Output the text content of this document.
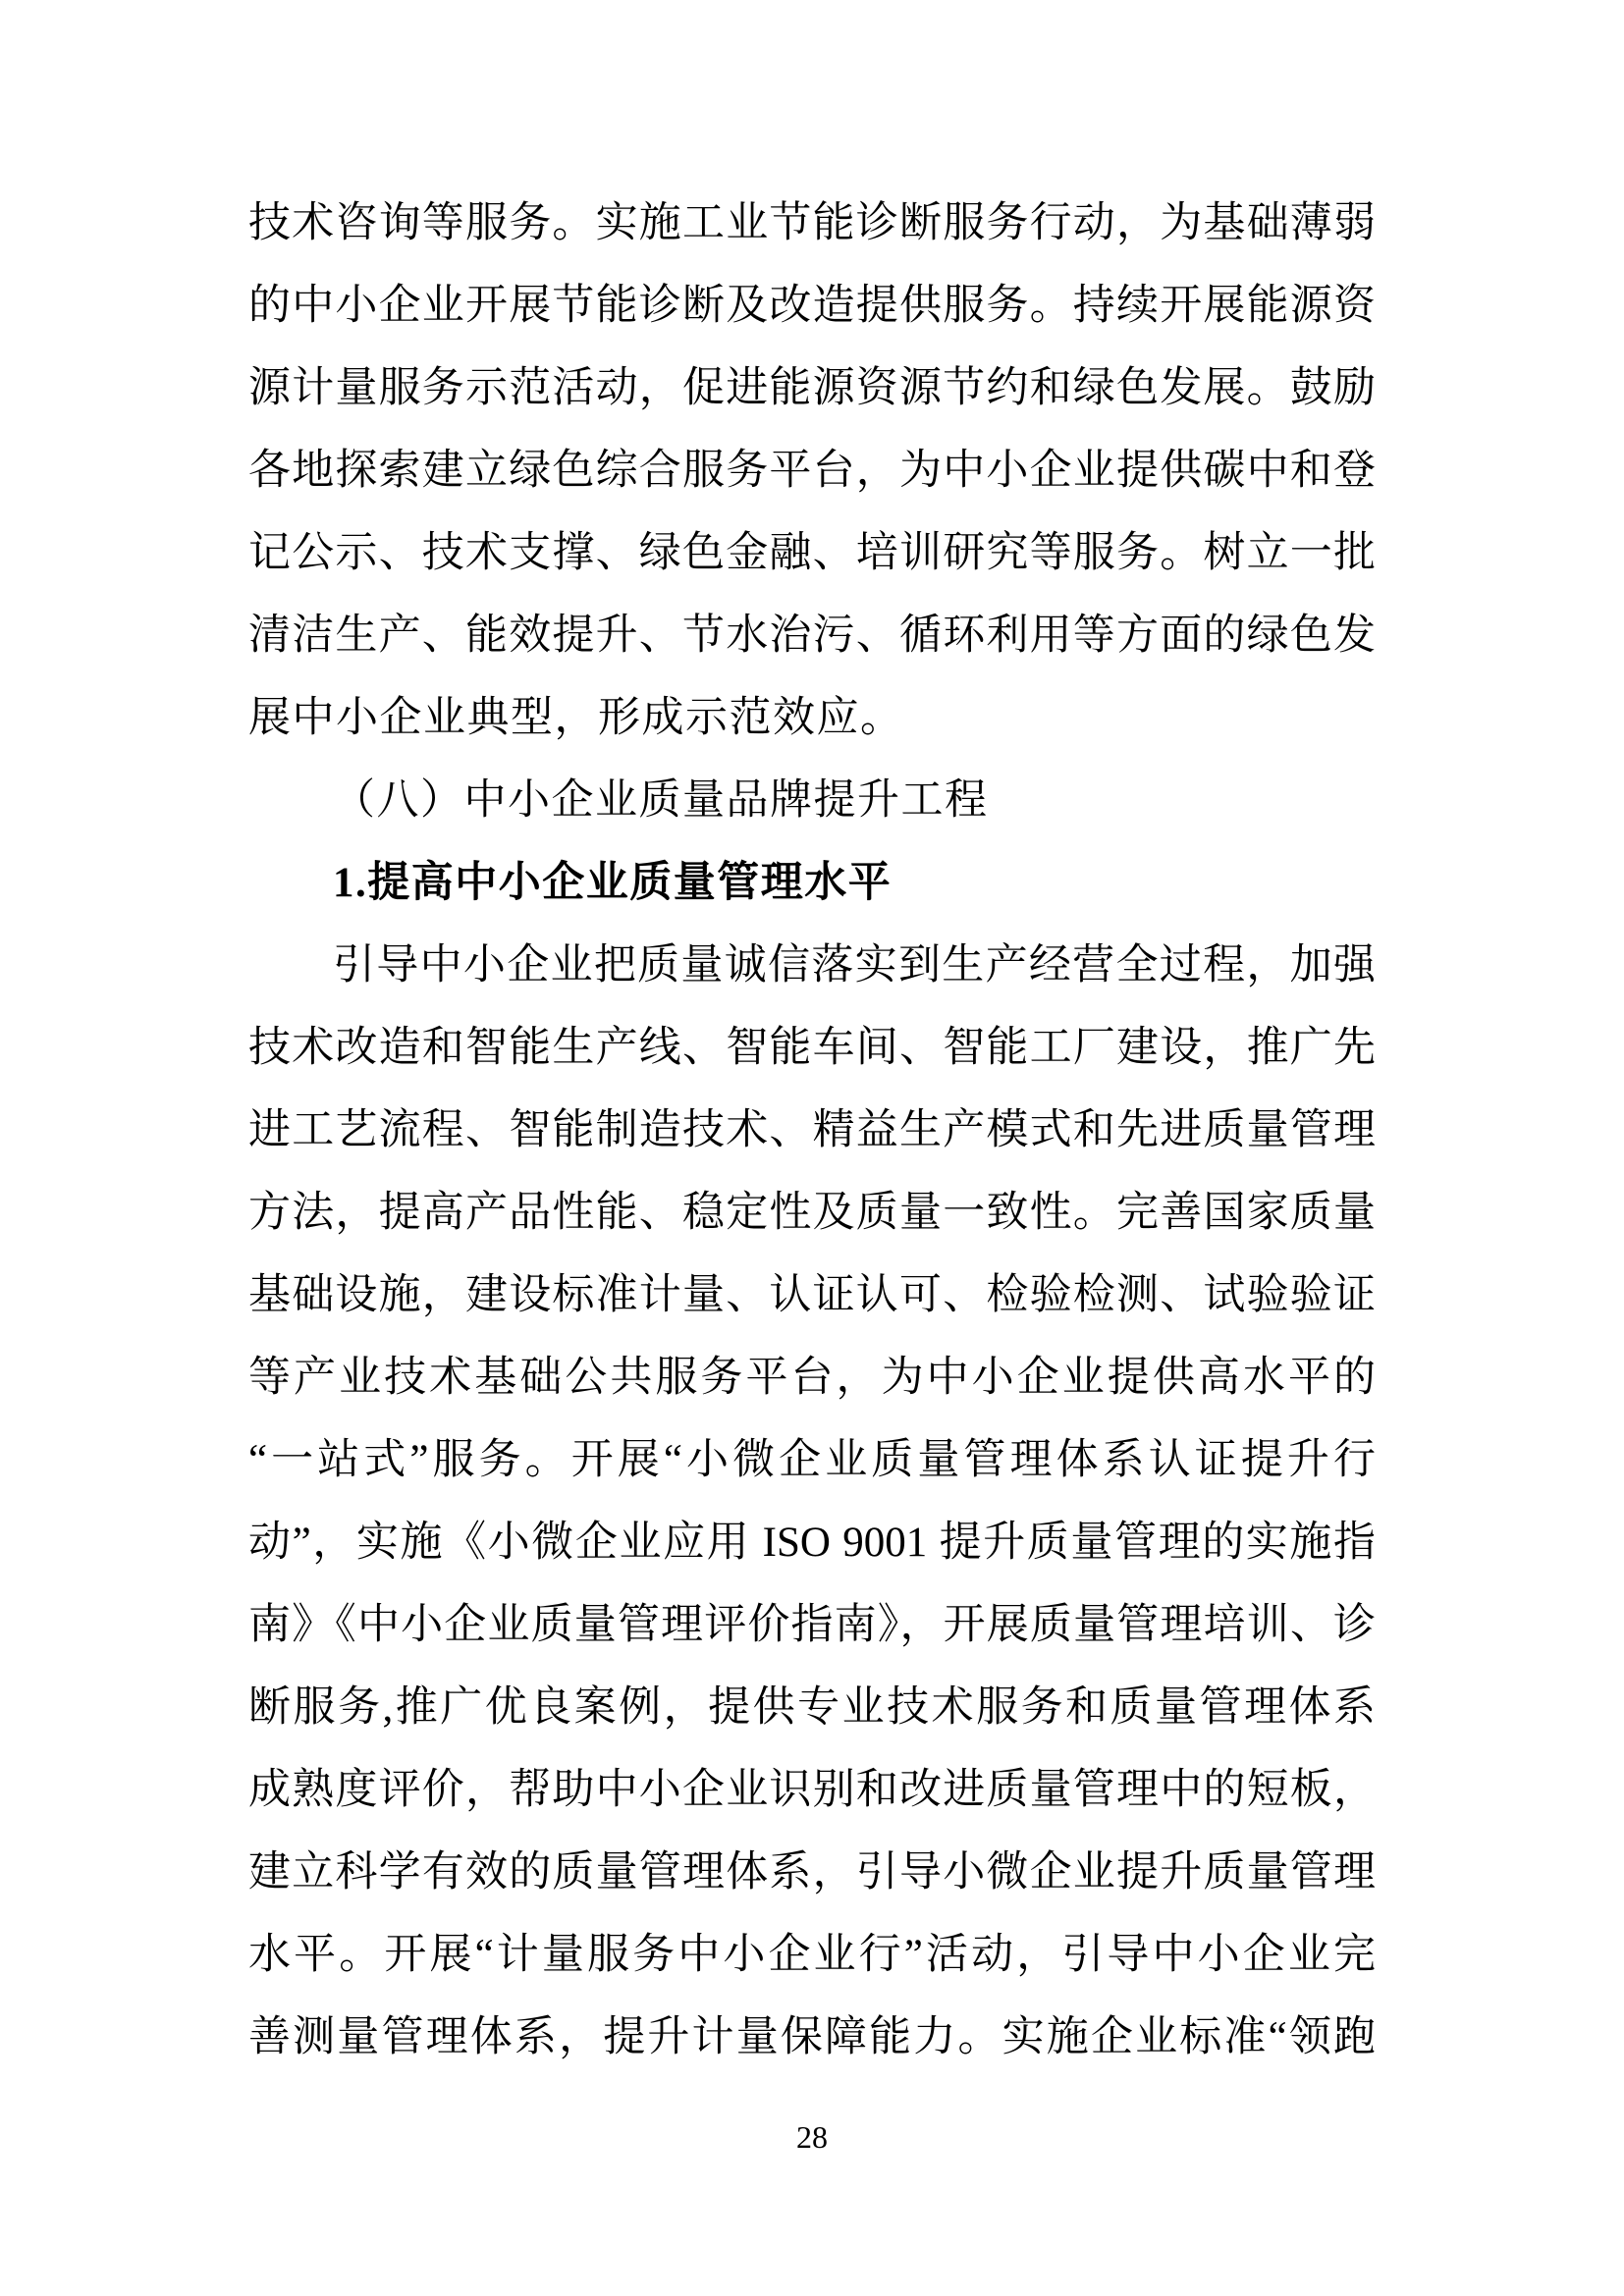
技术咨询等服务。实施工业节能诊断服务行动，为基础薄弱
的中小企业开展节能诊断及改造提供服务。持续开展能源资
源计量服务示范活动，促进能源资源节约和绿色发展。鼓励
各地探索建立绿色综合服务平台，为中小企业提供碳中和登
记公示、技术支撑、绿色金融、培训研究等服务。树立一批
清洁生产、能效提升、节水治污、循环利用等方面的绿色发
展中小企业典型，形成示范效应。
（八）中小企业质量品牌提升工程
1.提高中小企业质量管理水平
引导中小企业把质量诚信落实到生产经营全过程，加强
技术改造和智能生产线、智能车间、智能工厂建设，推广先
进工艺流程、智能制造技术、精益生产模式和先进质量管理
方法，提高产品性能、稳定性及质量一致性。完善国家质量
基础设施，建设标准计量、认证认可、检验检测、试验验证
等产业技术基础公共服务平台，为中小企业提供高水平的
“一站式”服务。开展“小微企业质量管理体系认证提升行
动”，实施《小微企业应用 ISO 9001 提升质量管理的实施指
南》《中小企业质量管理评价指南》，开展质量管理培训、诊
断服务,推广优良案例，提供专业技术服务和质量管理体系
成熟度评价，帮助中小企业识别和改进质量管理中的短板，
建立科学有效的质量管理体系，引导小微企业提升质量管理
水平。开展“计量服务中小企业行”活动，引导中小企业完
善测量管理体系，提升计量保障能力。实施企业标准“领跑
28
